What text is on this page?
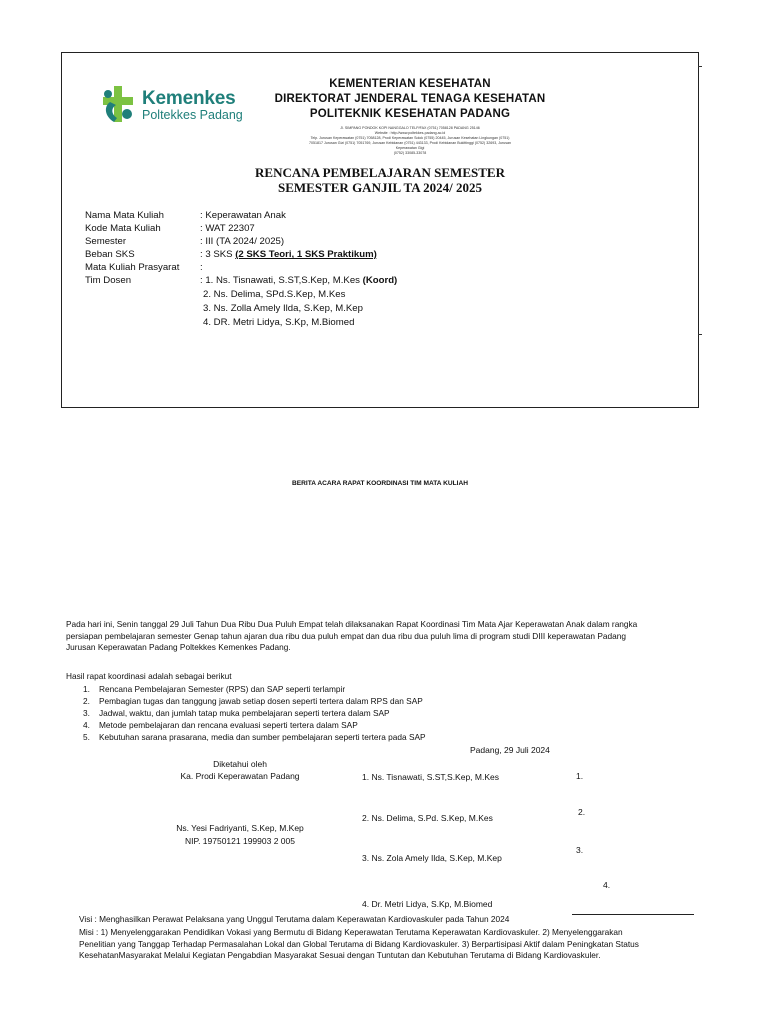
Kemenkes
Poltekkes Padang
KEMENTERIAN KESEHATAN
DIREKTORAT JENDERAL TENAGA KESEHATAN
POLITEKNIK KESEHATAN PADANG
Jl. SIMPANG PONDOK KOPI NANGGALO TELP/FAX (0751) 7058128 PADANG 25146
Website : http://www.poltekkes-padang.ac.id
Telp. Jurusan Keperawatan (0751) 7058128, Prodi Keperawatan Solok (0755) 20445, Jurusan Kesehatan Lingkungan (0751)
7051817 Jurusan Gizi (0751) 7051769, Jurusan Kebidanan (0751) 443133, Prodi Kebidanan Bukittinggi (0752) 32693, Jurusan
Keperawatan Gigi
(0752) 33085-33078
RENCANA PEMBELAJARAN SEMESTER
SEMESTER GANJIL TA 2024/ 2025
Nama Mata Kuliah	: Keperawatan Anak
Kode Mata Kuliah	: WAT 22307
Semester	: III (TA 2024/ 2025)
Beban SKS	: 3 SKS (2 SKS Teori, 1 SKS Praktikum)
Mata Kuliah Prasyarat :
Tim Dosen	: 1. Ns. Tisnawati, S.ST,S.Kep, M.Kes (Koord)
2. Ns. Delima, SPd.S.Kep, M.Kes
3. Ns. Zolla Amely Ilda, S.Kep, M.Kep
4. DR. Metri Lidya, S.Kp, M.Biomed
BERITA ACARA RAPAT KOORDINASI TIM MATA KULIAH
Pada hari ini, Senin tanggal 29 Juli Tahun Dua Ribu Dua Puluh Empat telah dilaksanakan Rapat Koordinasi Tim Mata Ajar Keperawatan Anak dalam rangka
persiapan pembelajaran semester Genap tahun ajaran dua ribu dua puluh empat dan dua ribu dua puluh lima di program studi DIII keperawatan Padang
Jurusan Keperawatan Padang Poltekkes Kemenkes Padang.
Hasil rapat koordinasi adalah sebagai berikut
1. Rencana Pembelajaran Semester (RPS) dan SAP seperti terlampir
2. Pembagian tugas dan tanggung jawab setiap dosen seperti tertera dalam RPS dan SAP
3. Jadwal, waktu, dan jumlah tatap muka pembelajaran seperti tertera dalam SAP
4. Metode pembelajaran dan rencana evaluasi seperti tertera dalam SAP
5. Kebutuhan sarana prasarana, media dan sumber pembelajaran seperti tertera pada SAP
Padang, 29 Juli 2024
Diketahui oleh
Ka. Prodi Keperawatan Padang
Ns. Yesi Fadriyanti, S.Kep, M.Kep
NIP. 19750121 199903 2 005
1. Ns. Tisnawati, S.ST,S.Kep, M.Kes	1.
2. Ns. Delima, S.Pd. S.Kep, M.Kes
2.
3. Ns. Zola Amely Ilda, S.Kep, M.Kep
3.
4. Dr. Metri Lidya, S.Kp, M.Biomed
4.
Visi : Menghasilkan Perawat Pelaksana yang Unggul Terutama dalam Keperawatan Kardiovaskuler pada Tahun 2024
Misi : 1) Menyelenggarakan Pendidikan Vokasi yang Bermutu di Bidang Keperawatan Terutama Keperawatan Kardiovaskuler. 2) Menyelenggarakan
Penelitian yang Tanggap Terhadap Permasalahan Lokal dan Global Terutama di Bidang Kardiovaskuler. 3) Berpartisipasi Aktif dalam Peningkatan Status
KesehatanMasyarakat Melalui Kegiatan Pengabdian Masyarakat Sesuai dengan Tuntutan dan Kebutuhan Terutama di Bidang Kardiovaskuler.
